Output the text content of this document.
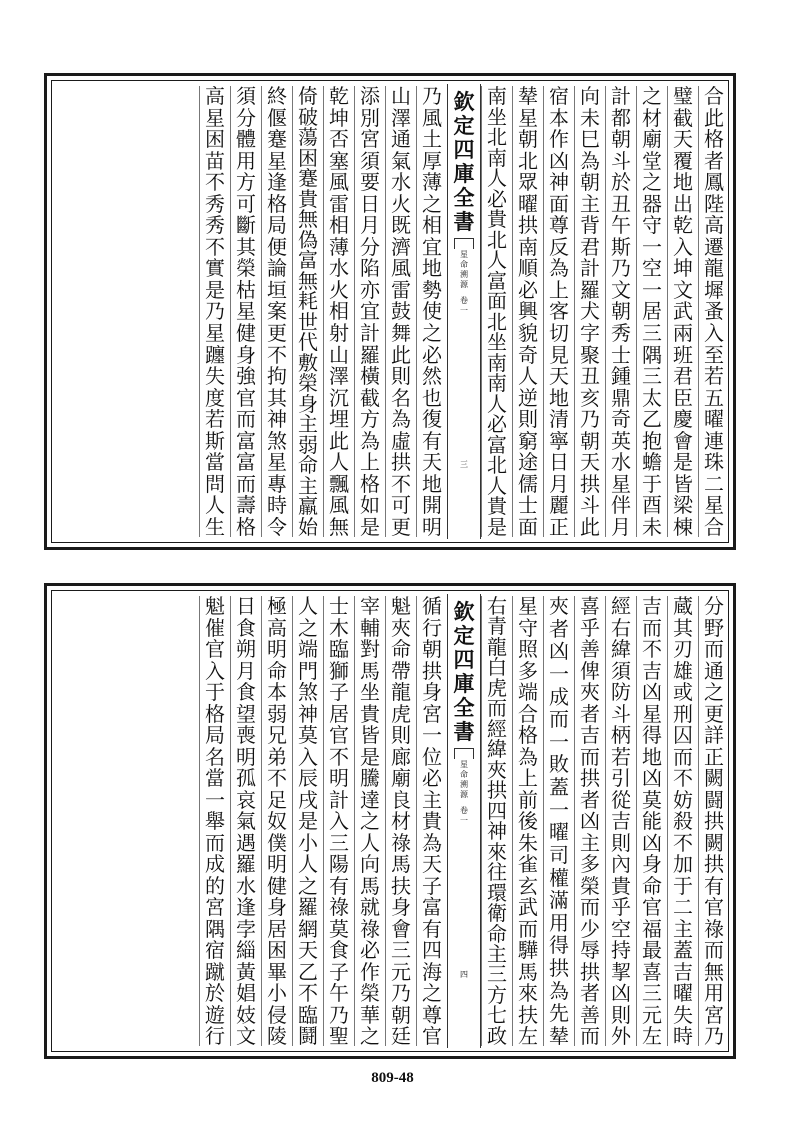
合
此
格
者
鳳
陛
高
遷
龍
墀
蚤
入
至
若
五
曜
連
珠
二
星
合
璧
截
天
覆
地
出
乾
入
坤
文
武
兩
班
君
臣
慶
會
是
皆
梁
棟
之
材
廟
堂
之
器
守
一
空
一
居
三
隅
三
太
乙
抱
蟾
于
酉
未
計
都
朝
斗
於
丑
午
斯
乃
文
朝
秀
士
鍾
鼎
奇
英
水
星
伴
月
向
未
巳
為
朝
主
背
君
計
羅
犬
字
聚
丑
亥
乃
朝
天
拱
斗
此
宿
本
作
凶
神
面
尊
反
為
上
客
切
見
天
地
清
寧
日
月
麗
正
辇
星
朝
北
眾
曜
拱
南
順
必
興
貌
奇
人
逆
則
窮
途
儒
士
面
南
坐
北
南
人
必
貴
北
人
富
面
北
坐
南
南
人
必
富
北
人
貴
是
乃
風
土
厚
薄
之
相
宜
地
勢
使
之
必
然
也
復
有
天
地
開
明
山
澤
通
氣
水
火
既
濟
風
雷
鼓
舞
此
則
名
為
虛
拱
不
可
更
添
別
宮
須
要
日
月
分
陷
亦
宜
計
羅
橫
截
方
為
上
格
如
是
乾
坤
否
塞
風
雷
相
薄
水
火
相
射
山
澤
沉
埋
此
人
飄
風
無
倚
破
蕩
困
蹇
貴
無
偽
富
無
耗
世
代
敷
榮
身
主
弱
命
主
羸
始
終
偃
蹇
星
逢
格
局
便
論
垣
案
更
不
拘
其
神
煞
星
專
時
令
須
分
體
用
方
可
斷
其
榮
枯
星
健
身
強
官
而
富
富
而
壽
格
高
星
困
苗
不
秀
秀
不
實
是
乃
星
躔
失
度
若
斯
當
問
人
生
欽
定
四
庫
全
書
星
命
溯
源
卷
一
三
分
野
而
通
之
更
詳
正
闕
闘
拱
闕
拱
有
官
祿
而
無
用
宮
乃
蔵
其
刃
雄
或
刑
囚
而
不
妨
殺
不
加
于
二
主
蓋
吉
曜
失
時
吉
而
不
吉
凶
星
得
地
凶
莫
能
凶
身
命
官
福
最
喜
三
元
左
經
右
緯
須
防
斗
柄
若
引
從
吉
則
內
貴
乎
空
持
挈
凶
則
外
喜
乎
善
俾
夾
者
吉
而
拱
者
凶
主
多
榮
而
少
辱
拱
者
善
而
夾
者
凶
一
成
而
一
敗
蓋
一
曜
司
權
滿
用
得
拱
為
先
辇
星
守
照
多
端
合
格
為
上
前
後
朱
雀
玄
武
而
驊
馬
來
扶
左
右
青
龍
白
虎
而
經
緯
夾
拱
四
神
來
往
環
衛
命
主
三
方
七
政
循
行
朝
拱
身
宮
一
位
必
主
貴
為
天
子
富
有
四
海
之
尊
官
魁
夾
命
帶
龍
虎
則
廊
廟
良
材
祿
馬
扶
身
會
三
元
乃
朝
廷
宰
輔
對
馬
坐
貴
皆
是
騰
達
之
人
向
馬
就
祿
必
作
榮
華
之
士
木
臨
獅
子
居
官
不
明
計
入
三
陽
有
祿
莫
食
子
午
乃
聖
人
之
端
門
煞
神
莫
入
辰
戌
是
小
人
之
羅
網
天
乙
不
臨
鬪
極
高
明
命
本
弱
兄
弟
不
足
奴
僕
明
健
身
居
困
畢
小
侵
陵
日
食
朔
月
食
望
喪
明
孤
哀
氣
遇
羅
水
逢
孛
緇
黃
娼
妓
文
魁
催
官
入
于
格
局
名
當
一
舉
而
成
的
宮
隅
宿
蹴
於
遊
行
欽
定
四
庫
全
書
星
命
溯
源
卷
一
四
809-48
